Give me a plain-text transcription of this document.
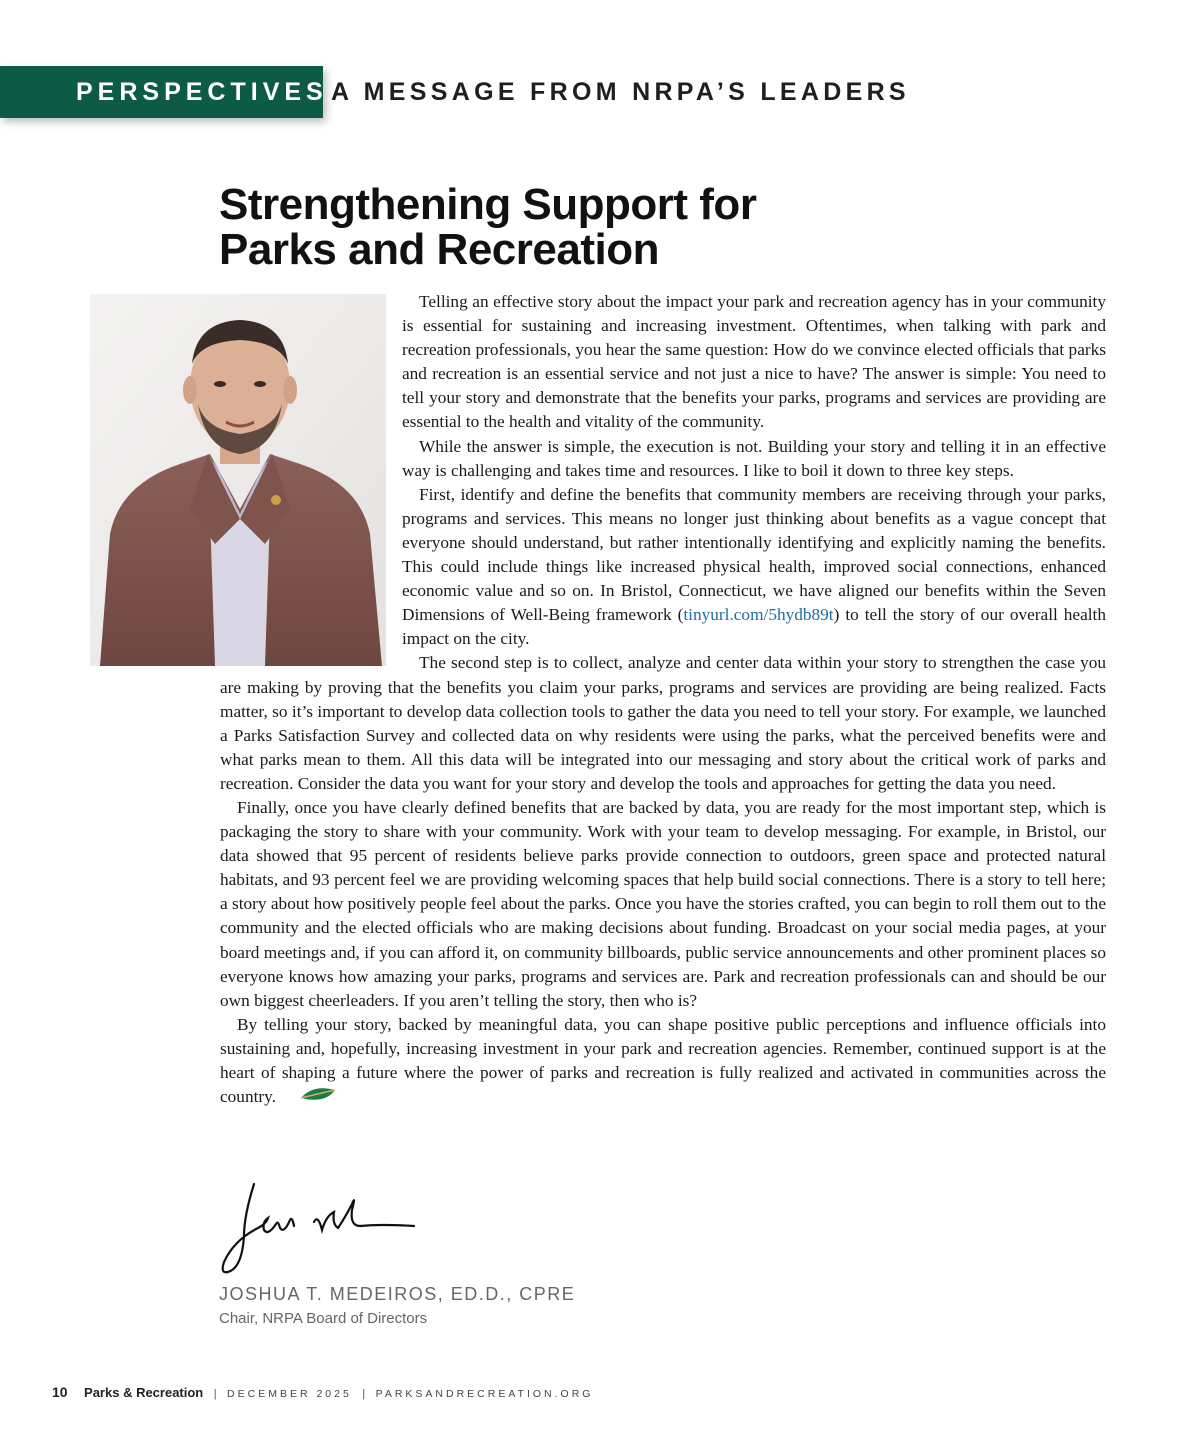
PERSPECTIVES A MESSAGE FROM NRPA’S LEADERS
Strengthening Support for
Parks and Recreation

Telling an effective story about the impact your park and recreation agency has in your community is essential for sustaining and increasing investment. Oftentimes, when talking with park and recreation professionals, you hear the same question: How do we convince elected officials that parks and recreation is an essential service and not just a nice to have? The answer is simple: You need to tell your story and demonstrate that the benefits your parks, programs and services are providing are essential to the health and vitality of the community.

While the answer is simple, the execution is not. Building your story and telling it in an effective way is challenging and takes time and resources. I like to boil it down to three key steps.

First, identify and define the benefits that community members are receiving through your parks, programs and services. This means no longer just thinking about benefits as a vague concept that everyone should understand, but rather intentionally identifying and explicitly naming the benefits. This could include things like increased physical health, improved social connections, enhanced economic value and so on. In Bristol, Connecticut, we have aligned our benefits within the Seven Dimensions of Well-Being framework (tinyurl.com/5hydb89t) to tell the story of our overall health impact on the city.

The second step is to collect, analyze and center data within your story to strengthen the case you are making by proving that the benefits you claim your parks, programs and services are providing are being realized. Facts matter, so it’s important to develop data collection tools to gather the data you need to tell your story. For example, we launched a Parks Satisfaction Survey and collected data on why residents were using the parks, what the perceived benefits were and what parks mean to them. All this data will be integrated into our messaging and story about the critical work of parks and recreation. Consider the data you want for your story and develop the tools and approaches for getting the data you need.

Finally, once you have clearly defined benefits that are backed by data, you are ready for the most important step, which is packaging the story to share with your community. Work with your team to develop messaging. For example, in Bristol, our data showed that 95 percent of residents believe parks provide connection to outdoors, green space and protected natural habitats, and 93 percent feel we are providing welcoming spaces that help build social connections. There is a story to tell here; a story about how positively people feel about the parks. Once you have the stories crafted, you can begin to roll them out to the community and the elected officials who are making decisions about funding. Broadcast on your social media pages, at your board meetings and, if you can afford it, on community billboards, public service announcements and other prominent places so everyone knows how amazing your parks, programs and services are. Park and recreation professionals can and should be our own biggest cheerleaders. If you aren’t telling the story, then who is?

By telling your story, backed by meaningful data, you can shape positive public perceptions and influence officials into sustaining and, hopefully, increasing investment in your park and recreation agencies. Remember, continued support is at the heart of shaping a future where the power of parks and recreation is fully realized and activated in communities across the country.

JOSHUA T. MEDEIROS, ED.D., CPRE
Chair, NRPA Board of Directors
10 Parks & Recreation | DECEMBER 2025 | PARKSANDRECREATION.ORG
